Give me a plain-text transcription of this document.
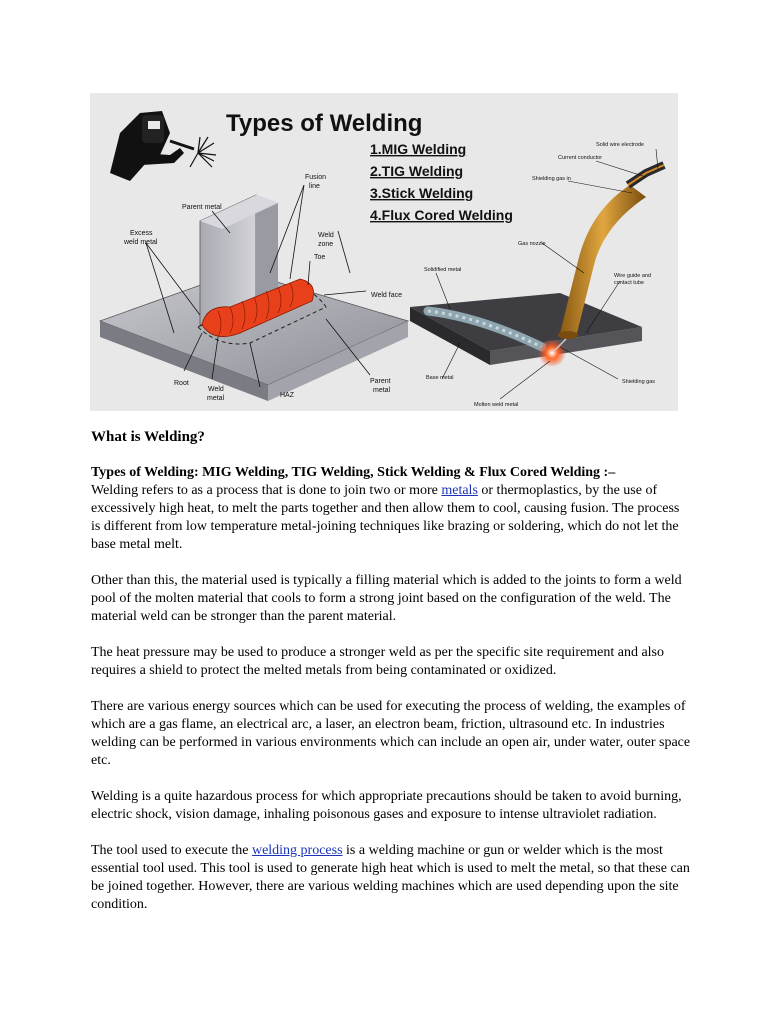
Parent metal
Fusion
line
Excess
weld metal
Weld
zone
Toe
Weld face
Root
Weld
metal	HAZ
Parent
metal
Types of Welding
1.MIG Welding
2.TIG Welding
3.Stick Welding
4.Flux Cored Welding
Solid wire electrode
Current conductor
Shielding gas in
Gas nozzle
Solidified metal
Wire guide and
contact tube
Base metal
Shielding gas
Molten weld metal
What is Welding?

Types of Welding: MIG Welding, TIG Welding, Stick Welding & Flux Cored Welding :–
Welding refers to as a process that is done to join two or more metals or thermoplastics, by the use of excessively high heat, to melt the parts together and then allow them to cool, causing fusion. The process is different from low temperature metal-joining techniques like brazing or soldering, which do not let the base metal melt.

Other than this, the material used is typically a filling material which is added to the joints to form a weld pool of the molten material that cools to form a strong joint based on the configuration of the weld. The material weld can be stronger than the parent material.

The heat pressure may be used to produce a stronger weld as per the specific site requirement and also requires a shield to protect the melted metals from being contaminated or oxidized.

There are various energy sources which can be used for executing the process of welding, the examples of which are a gas flame, an electrical arc, a laser, an electron beam, friction, ultrasound etc. In industries welding can be performed in various environments which can include an open air, under water, outer space etc.

Welding is a quite hazardous process for which appropriate precautions should be taken to avoid burning, electric shock, vision damage, inhaling poisonous gases and exposure to intense ultraviolet radiation.

The tool used to execute the welding process is a welding machine or gun or welder which is the most essential tool used. This tool is used to generate high heat which is used to melt the metal, so that these can be joined together. However, there are various welding machines which are used depending upon the site condition.
